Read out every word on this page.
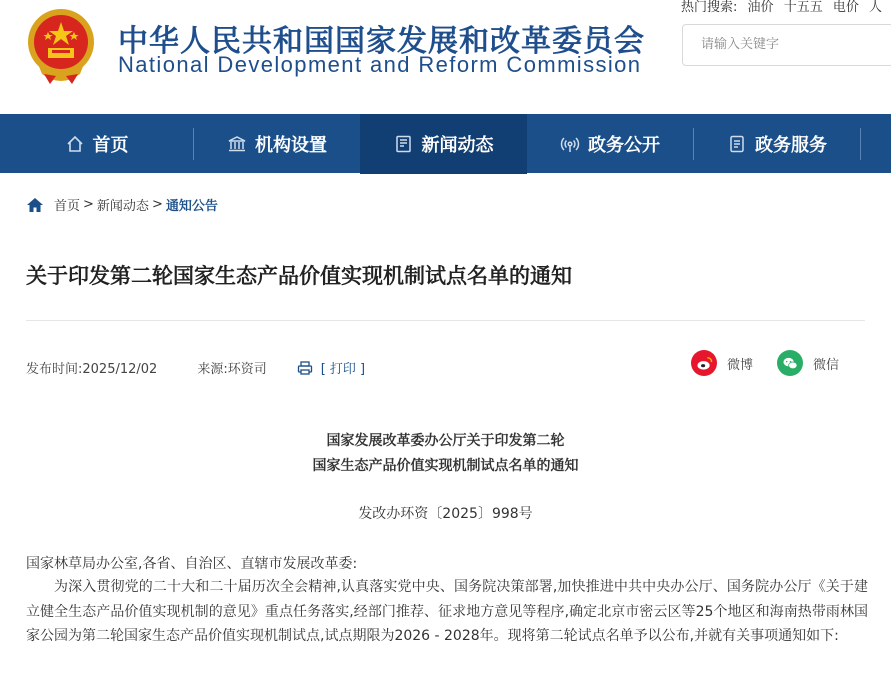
中华人民共和国国家发展和改革委员会
National Development and Reform Commission
热门搜索: 油价 十五五 电价 人
请输入关键字
首页	机构设置	新闻动态	政务公开	政务服务
首页 > 新闻动态 > 通知公告
关于印发第二轮国家生态产品价值实现机制试点名单的通知
发布时间:2025/12/02	来源:环资司	[ 打印 ]	微博	微信
国家发展改革委办公厅关于印发第二轮
国家生态产品价值实现机制试点名单的通知
发改办环资〔2025〕998号
国家林草局办公室,各省、自治区、直辖市发展改革委:
为深入贯彻党的二十大和二十届历次全会精神,认真落实党中央、国务院决策部署,加快推进中共中央办公厅、国务院办公厅《关于建立健全生态产品价值实现机制的意见》重点任务落实,经部门推荐、征求地方意见等程序,确定北京市密云区等25个地区和海南热带雨林国家公园为第二轮国家生态产品价值实现机制试点,试点期限为2026 - 2028年。现将第二轮试点名单予以公布,并就有关事项通知如下:
